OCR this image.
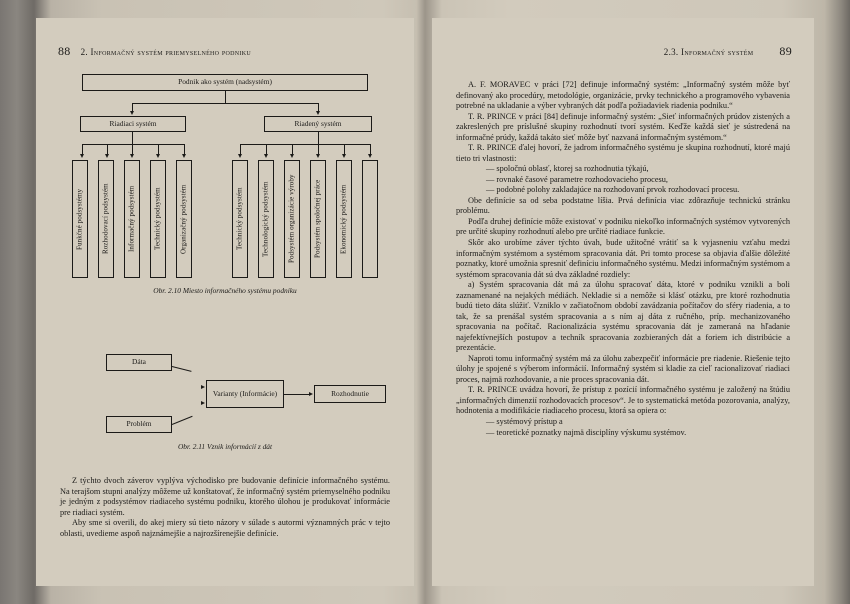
88 2. Informačný systém priemyselného podniku
Podnik ako systém (nadsystém)
Riadiaci systém	Riadený systém
Funkčné podsystémy	Rozhodovací podsystém	Informačný podsystém	Technický podsystém	Organizačný podsystém	Technický podsystém	Technologický podsystém	Podsystém organizácie výroby	Podsystém spoločnej práce	Ekonomický podsystém
Obr. 2.10 Miesto informačného systému podniku
Dáta
Problém
Varianty (Informácie)	Rozhodnutie
Obr. 2.11 Vznik informácií z dát

Z týchto dvoch záverov vyplýva východisko pre budovanie definície informačného systému. Na terajšom stupni analýzy môžeme už konštatovať, že informačný systém priemyselného podniku je jedným z podsystémov riadiaceho systému podniku, ktorého úlohou je produkovať informácie pre riadiaci systém.

Aby sme si overili, do akej miery sú tieto názory v súlade s autormi významných prác v tejto oblasti, uvedieme aspoň najznámejšie a najrozšírenejšie definície.

2.3. Informačný systém 89

A. F. MORAVEC v práci [72] definuje informačný systém: „Informačný systém môže byť definovaný ako procedúry, metodológie, organizácie, prvky technického a programového vybavenia potrebné na ukladanie a výber vybraných dát podľa požiadaviek riadenia podniku.“

T. R. PRINCE v práci [84] definuje informačný systém: „Sieť informačných prúdov zistených a zakreslených pre príslušné skupiny rozhodnutí tvorí systém. Keďže každá sieť je sústredená na informačné prúdy, každá takáto sieť môže byť nazvaná informačným systémom.“

T. R. PRINCE ďalej hovorí, že jadrom informačného systému je skupina rozhodnutí, ktoré majú tieto tri vlastnosti:

— spoločnú oblasť, ktorej sa rozhodnutia týkajú,

— rovnaké časové parametre rozhodovacieho procesu,

— podobné polohy zakladajúce na rozhodovaní prvok rozhodovací procesu.

Obe definície sa od seba podstatne líšia. Prvá definícia viac zdôrazňuje technickú stránku problému.

Podľa druhej definície môže existovať v podniku niekoľko informačných systémov vytvorených pre určité skupiny rozhodnutí alebo pre určité riadiace funkcie.

Skôr ako urobíme záver týchto úvah, bude užitočné vrátiť sa k vyjasneniu vzťahu medzi informačným systémom a systémom spracovania dát. Pri tomto procese sa objavia ďalšie dôležité poznatky, ktoré umožnia spresniť definíciu informačného systému. Medzi informačným systémom a systémom spracovania dát sú dva základné rozdiely:

a) Systém spracovania dát má za úlohu spracovať dáta, ktoré v podniku vznikli a boli zaznamenané na nejakých médiách. Nekladie si a nemôže si klásť otázku, pre ktoré rozhodnutia budú tieto dáta slúžiť. Vzniklo v začiatočnom období zavádzania počítačov do sféry riadenia, a to tak, že sa prenášal systém spracovania a s ním aj dáta z ručného, príp. mechanizovaného spracovania na počítač. Racionalizácia systému spracovania dát je zameraná na hľadanie najefektívnejších postupov a techník spracovania zozbieraných dát a foriem ich distribúcie a prezentácie.

Naproti tomu informačný systém má za úlohu zabezpečiť informácie pre riadenie. Riešenie tejto úlohy je spojené s výberom informácií. Informačný systém si kladie za cieľ racionalizovať riadiaci proces, najmä rozhodovanie, a nie proces spracovania dát.

T. R. PRINCE uvádza hovorí, že prístup z pozícií informačného systému je založený na štúdiu „informačných dimenzií rozhodovacích procesov“. Je to systematická metóda pozorovania, analýzy, hodnotenia a modifikácie riadiaceho procesu, ktorá sa opiera o:

— systémový prístup a

— teoretické poznatky najmä disciplíny výskumu systémov.
